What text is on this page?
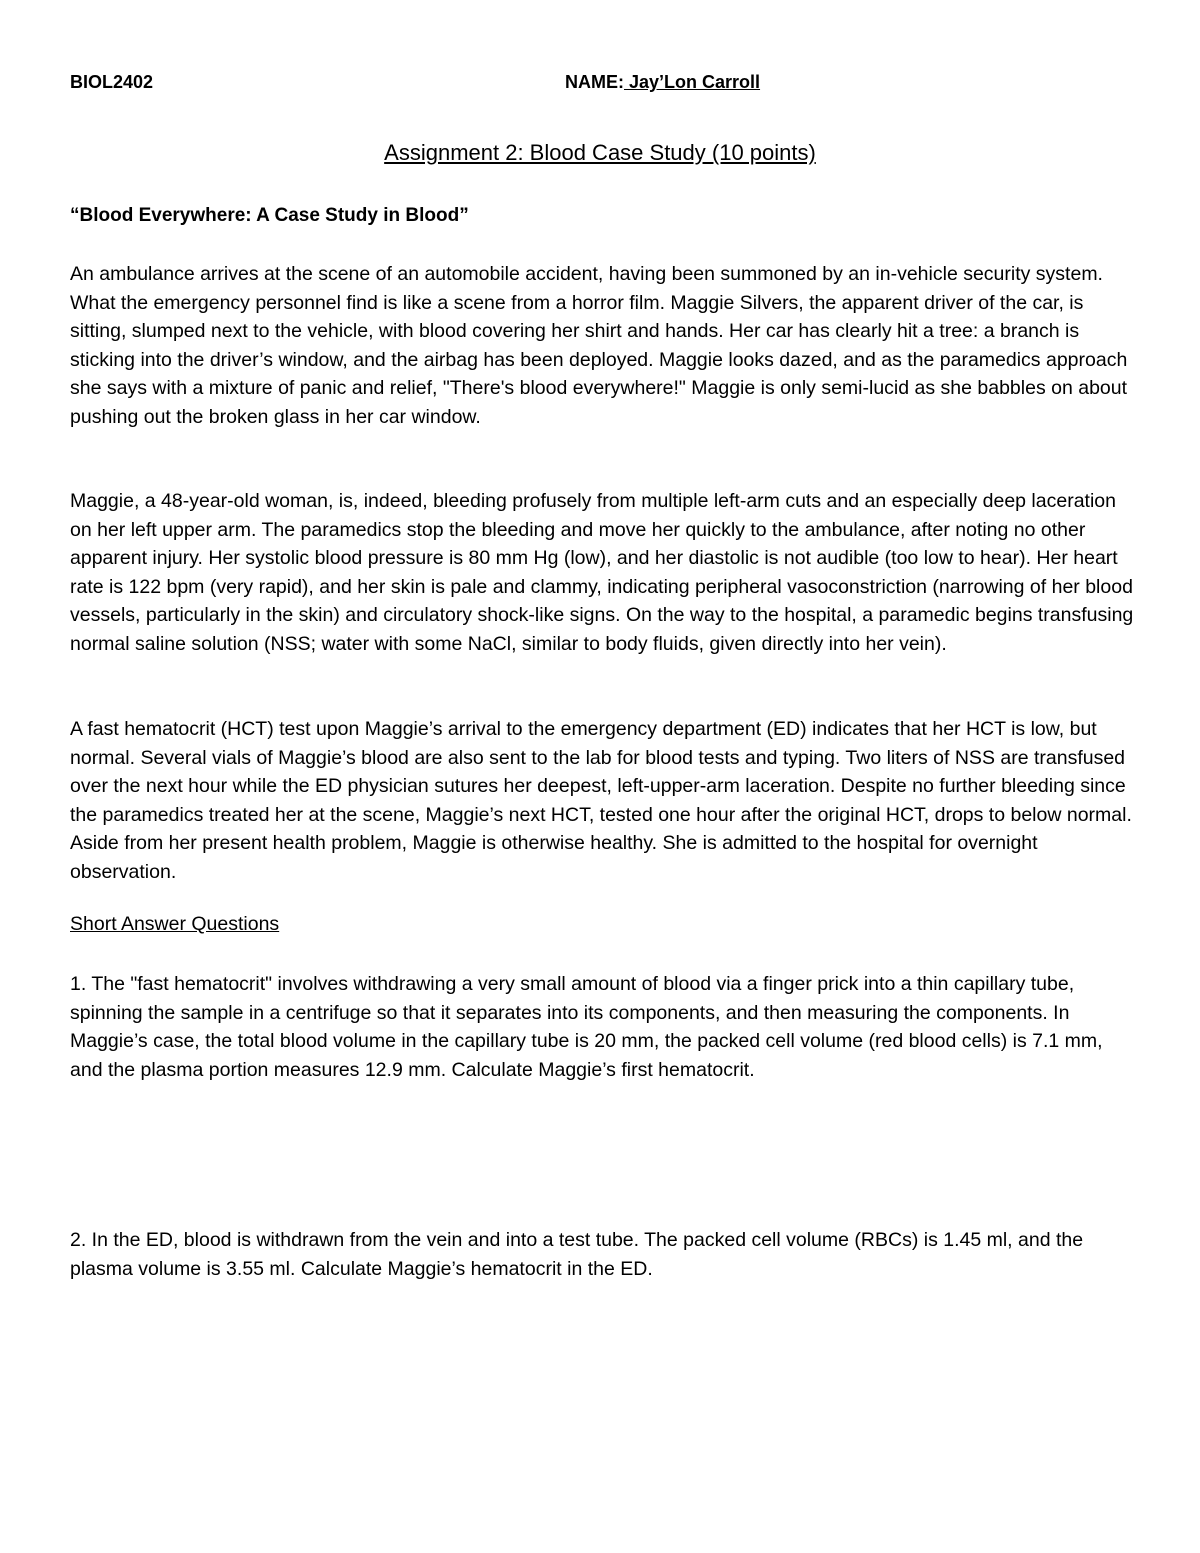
BIOL2402	NAME: Jay’Lon Carroll
Assignment 2: Blood Case Study (10 points)
“Blood Everywhere: A Case Study in Blood”

An ambulance arrives at the scene of an automobile accident, having been summoned by an in-vehicle security system. What the emergency personnel find is like a scene from a horror film. Maggie Silvers, the apparent driver of the car, is sitting, slumped next to the vehicle, with blood covering her shirt and hands. Her car has clearly hit a tree: a branch is sticking into the driver’s window, and the airbag has been deployed. Maggie looks dazed, and as the paramedics approach she says with a mixture of panic and relief, "There's blood everywhere!" Maggie is only semi-lucid as she babbles on about pushing out the broken glass in her car window.

Maggie, a 48-year-old woman, is, indeed, bleeding profusely from multiple left-arm cuts and an especially deep laceration on her left upper arm. The paramedics stop the bleeding and move her quickly to the ambulance, after noting no other apparent injury. Her systolic blood pressure is 80 mm Hg (low), and her diastolic is not audible (too low to hear). Her heart rate is 122 bpm (very rapid), and her skin is pale and clammy, indicating peripheral vasoconstriction (narrowing of her blood vessels, particularly in the skin) and circulatory shock-like signs. On the way to the hospital, a paramedic begins transfusing normal saline solution (NSS; water with some NaCl, similar to body fluids, given directly into her vein).

A fast hematocrit (HCT) test upon Maggie’s arrival to the emergency department (ED) indicates that her HCT is low, but normal. Several vials of Maggie’s blood are also sent to the lab for blood tests and typing. Two liters of NSS are transfused over the next hour while the ED physician sutures her deepest, left-upper-arm laceration. Despite no further bleeding since the paramedics treated her at the scene, Maggie’s next HCT, tested one hour after the original HCT, drops to below normal. Aside from her present health problem, Maggie is otherwise healthy. She is admitted to the hospital for overnight observation.

Short Answer Questions

1. The "fast hematocrit" involves withdrawing a very small amount of blood via a finger prick into a thin capillary tube, spinning the sample in a centrifuge so that it separates into its components, and then measuring the components. In Maggie’s case, the total blood volume in the capillary tube is 20 mm, the packed cell volume (red blood cells) is 7.1 mm, and the plasma portion measures 12.9 mm. Calculate Maggie’s first hematocrit.

2. In the ED, blood is withdrawn from the vein and into a test tube. The packed cell volume (RBCs) is 1.45 ml, and the plasma volume is 3.55 ml. Calculate Maggie’s hematocrit in the ED.
